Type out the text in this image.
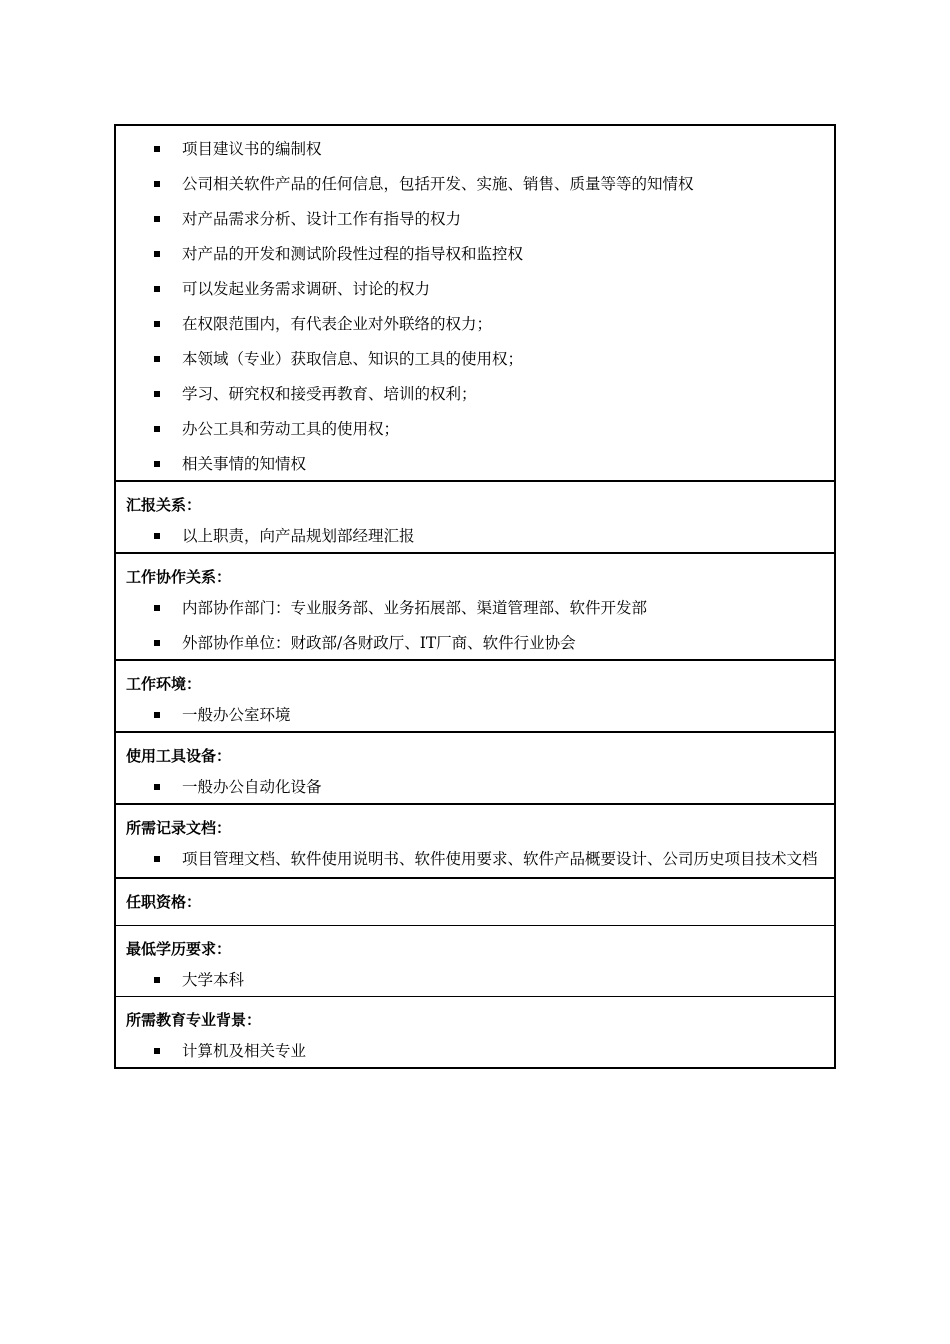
项目建议书的编制权
公司相关软件产品的任何信息，包括开发、实施、销售、质量等等的知情权
对产品需求分析、设计工作有指导的权力
对产品的开发和测试阶段性过程的指导权和监控权
可以发起业务需求调研、讨论的权力
在权限范围内，有代表企业对外联络的权力；
本领域（专业）获取信息、知识的工具的使用权；
学习、研究权和接受再教育、培训的权利；
办公工具和劳动工具的使用权；
相关事情的知情权

汇报关系：
以上职责，向产品规划部经理汇报

工作协作关系：
内部协作部门：专业服务部、业务拓展部、渠道管理部、软件开发部
外部协作单位：财政部/各财政厅、IT厂商、软件行业协会

工作环境：
一般办公室环境

使用工具设备：
一般办公自动化设备

所需记录文档：
项目管理文档、软件使用说明书、软件使用要求、软件产品概要设计、公司历史项目技术文档

任职资格：

最低学历要求：
大学本科

所需教育专业背景：
计算机及相关专业
